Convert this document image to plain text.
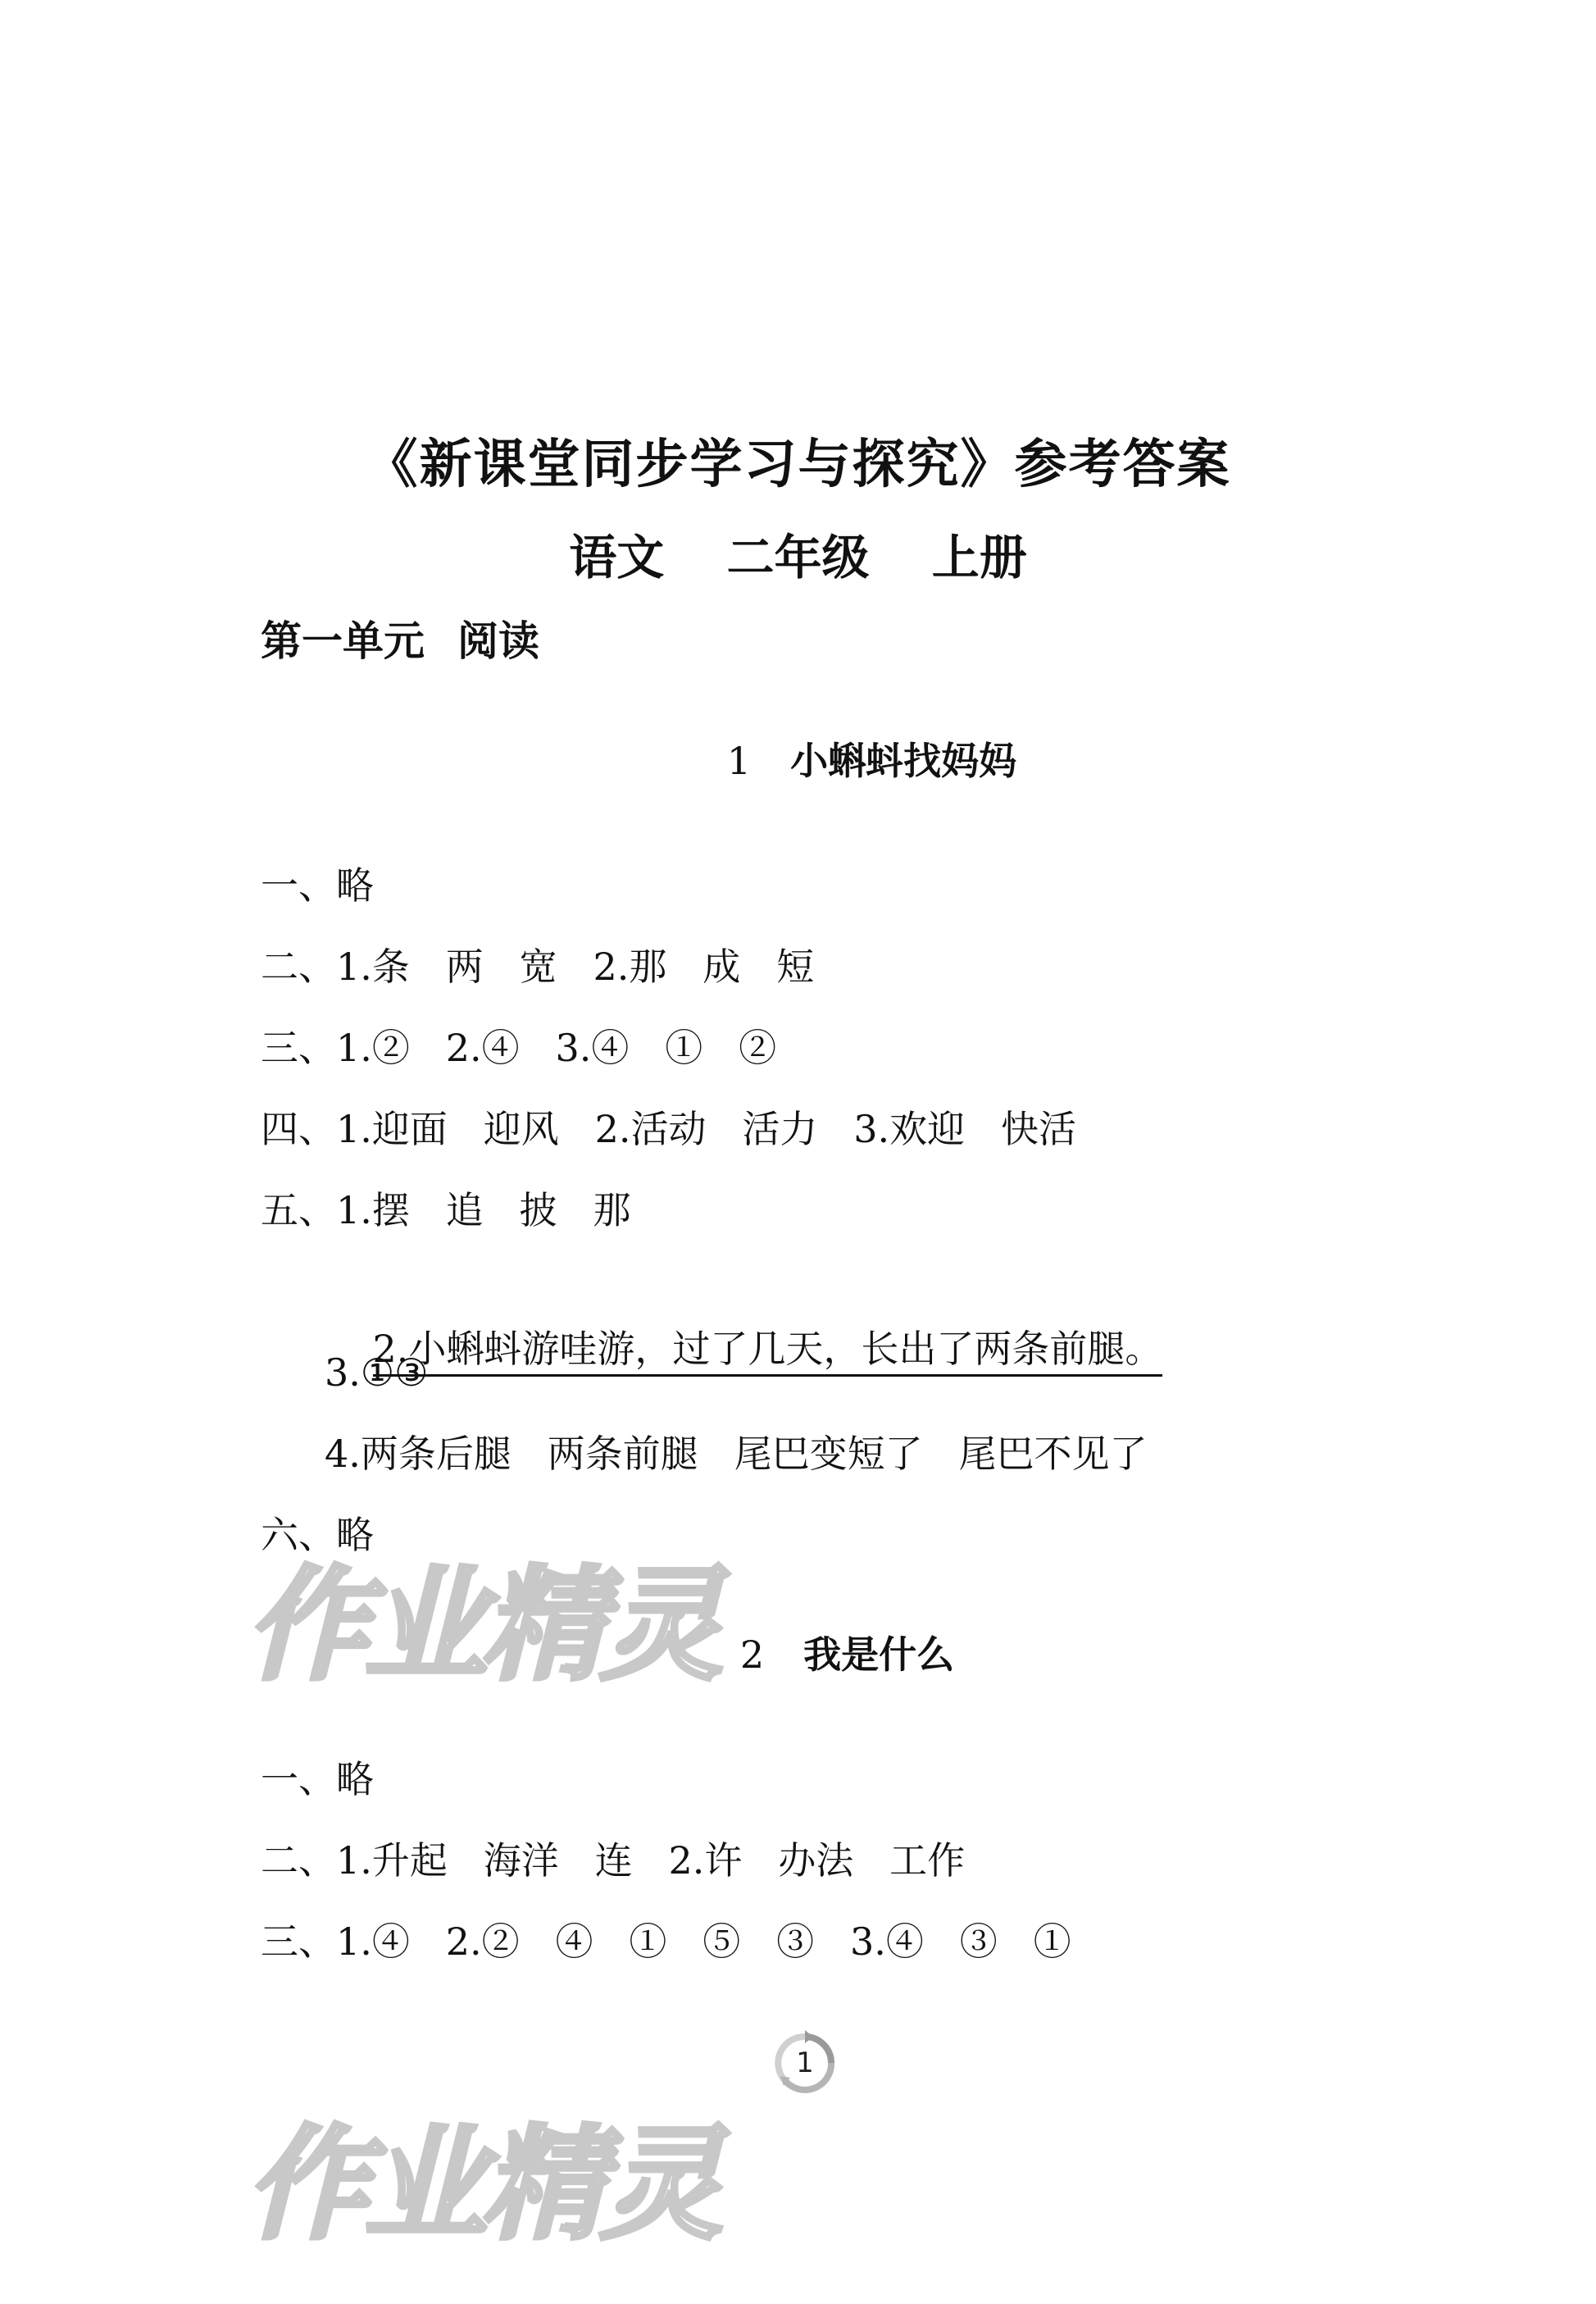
《新课堂同步学习与探究》参考答案
语文 二年级 上册
第一单元 阅读
1 小蝌蚪找妈妈
一、略
二、1.条   两   宽   2.那   成   短
三、1.②   2.④   3.④   ①   ②
四、1.迎面   迎风   2.活动   活力   3.欢迎   快活
五、1.摆   追   披   那

2.小蝌蚪游哇游，过了几天，长出了两条前腿。

3.①③
4.两条后腿   两条前腿   尾巴变短了   尾巴不见了
六、略
作业精灵 2 我是什么
一、略
二、1.升起   海洋   连   2.许   办法   工作
三、1.④   2.②   ④   ①   ⑤   ③   3.④   ③   ①
1
作业精灵
